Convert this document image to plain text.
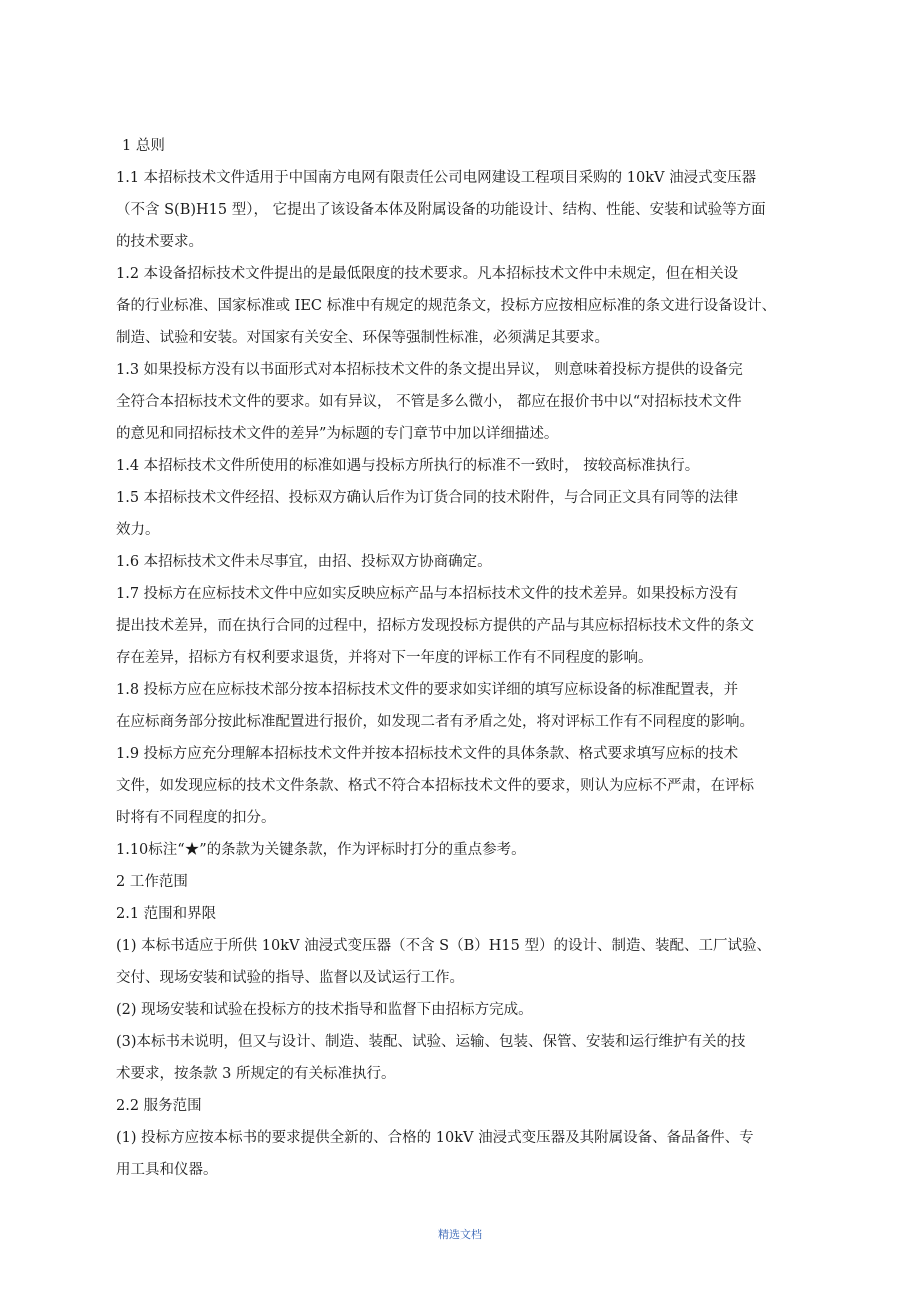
1 总则
1.1 本招标技术文件适用于中国南方电网有限责任公司电网建设工程项目采购的 10kV 油浸式变压器
（不含 S(B)H15 型）， 它提出了该设备本体及附属设备的功能设计、结构、性能、安装和试验等方面
的技术要求。
1.2 本设备招标技术文件提出的是最低限度的技术要求。凡本招标技术文件中未规定，但在相关设
备的行业标准、国家标准或 IEC 标准中有规定的规范条文，投标方应按相应标准的条文进行设备设计、
制造、试验和安装。对国家有关安全、环保等强制性标准，必须满足其要求。
1.3 如果投标方没有以书面形式对本招标技术文件的条文提出异议， 则意味着投标方提供的设备完
全符合本招标技术文件的要求。如有异议， 不管是多么微小， 都应在报价书中以“对招标技术文件
的意见和同招标技术文件的差异”为标题的专门章节中加以详细描述。
1.4 本招标技术文件所使用的标准如遇与投标方所执行的标准不一致时， 按较高标准执行。
1.5 本招标技术文件经招、投标双方确认后作为订货合同的技术附件，与合同正文具有同等的法律
效力。
1.6 本招标技术文件未尽事宜，由招、投标双方协商确定。
1.7 投标方在应标技术文件中应如实反映应标产品与本招标技术文件的技术差异。如果投标方没有
提出技术差异，而在执行合同的过程中，招标方发现投标方提供的产品与其应标招标技术文件的条文
存在差异，招标方有权利要求退货，并将对下一年度的评标工作有不同程度的影响。
1.8 投标方应在应标技术部分按本招标技术文件的要求如实详细的填写应标设备的标准配置表，并
在应标商务部分按此标准配置进行报价，如发现二者有矛盾之处，将对评标工作有不同程度的影响。
1.9 投标方应充分理解本招标技术文件并按本招标技术文件的具体条款、格式要求填写应标的技术
文件，如发现应标的技术文件条款、格式不符合本招标技术文件的要求，则认为应标不严肃，在评标
时将有不同程度的扣分。
1.10标注“★”的条款为关键条款，作为评标时打分的重点参考。
2 工作范围
2.1 范围和界限
(1) 本标书适应于所供 10kV 油浸式变压器（不含 S（B）H15 型）的设计、制造、装配、工厂试验、
交付、现场安装和试验的指导、监督以及试运行工作。
(2) 现场安装和试验在投标方的技术指导和监督下由招标方完成。
(3)本标书未说明，但又与设计、制造、装配、试验、运输、包装、保管、安装和运行维护有关的技
术要求，按条款 3 所规定的有关标准执行。
2.2 服务范围
(1) 投标方应按本标书的要求提供全新的、合格的 10kV 油浸式变压器及其附属设备、备品备件、专
用工具和仪器。
精选文档
